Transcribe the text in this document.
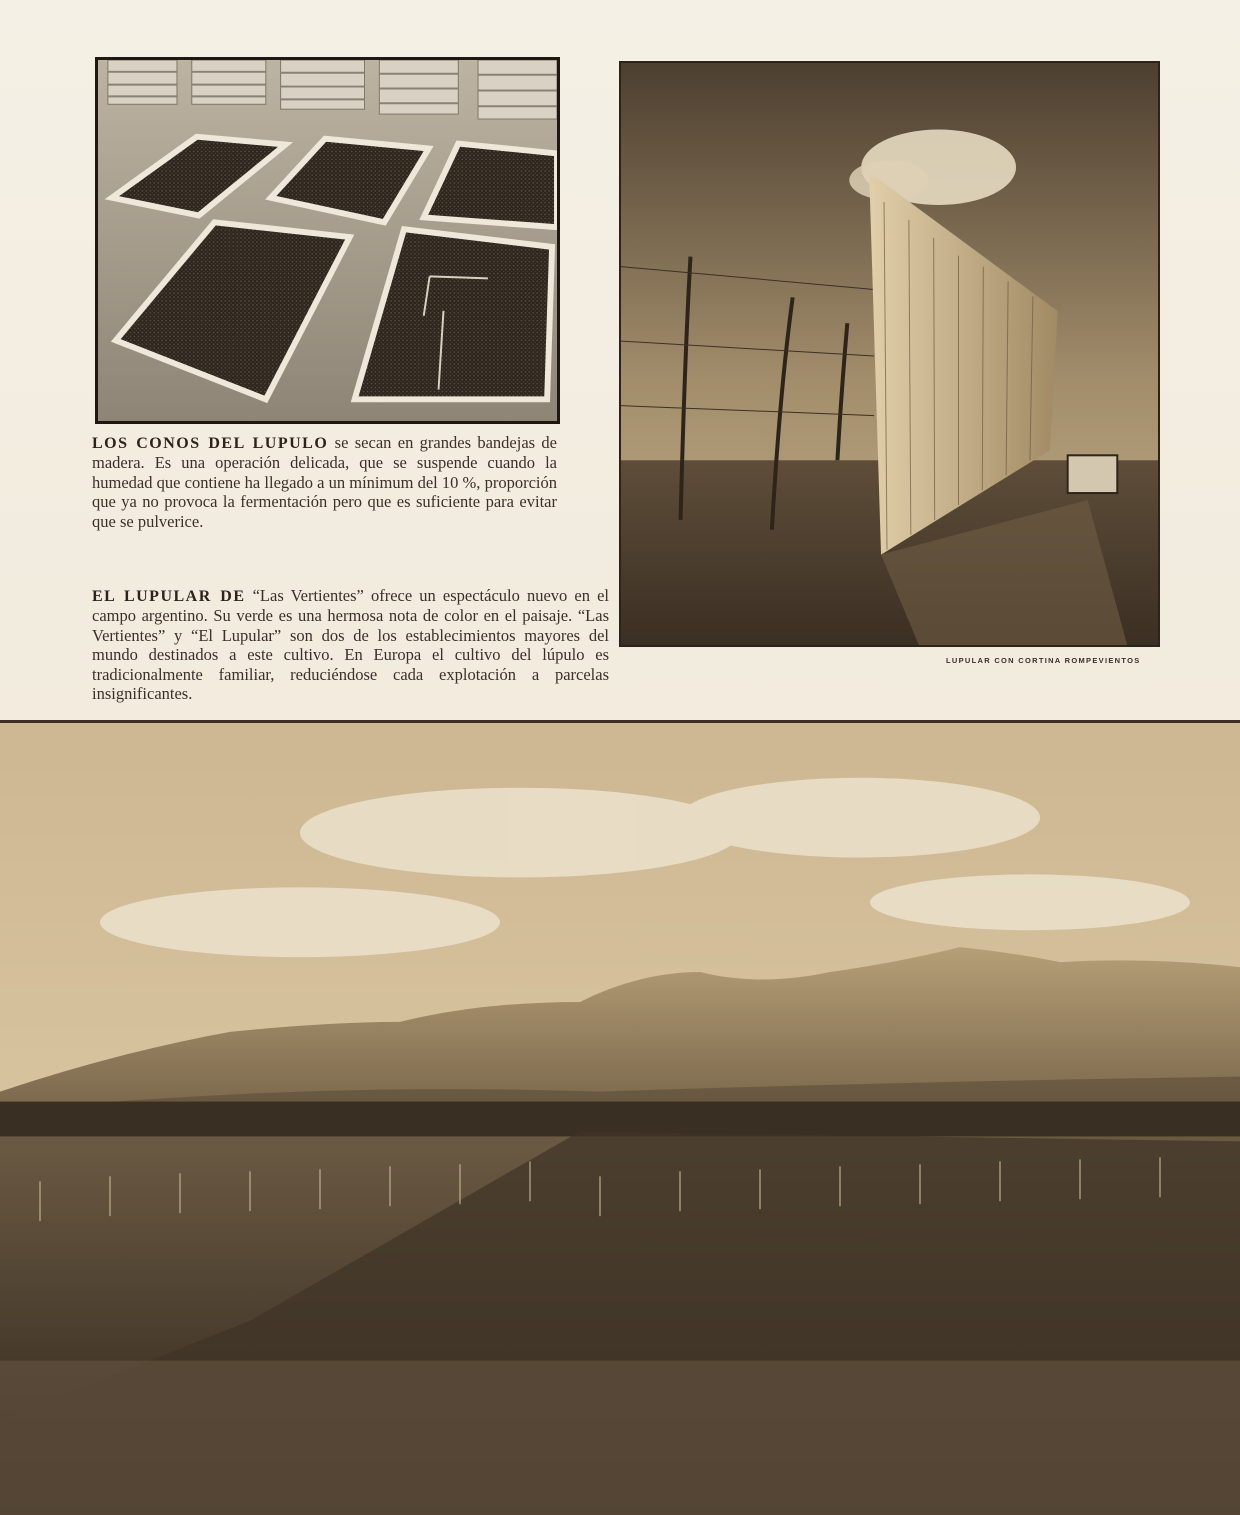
LOS CONOS DEL LUPULO se secan en grandes bandejas de madera. Es una operación delicada, que se suspende cuando la humedad que contiene ha llegado a un mínimum del 10 %, proporción que ya no provoca la fermentación pero que es suficiente para evitar que se pulverice.
EL LUPULAR DE “Las Vertientes” ofrece un espectáculo nuevo en el campo argentino. Su verde es una hermosa nota de color en el paisaje. “Las Vertientes” y “El Lupular” son dos de los establecimientos mayores del mundo destinados a este cultivo. En Europa el cultivo del lúpulo es tradicionalmente familiar, reduciéndose cada explotación a parcelas insignificantes.
LUPULAR CON CORTINA ROMPEVIENTOS
